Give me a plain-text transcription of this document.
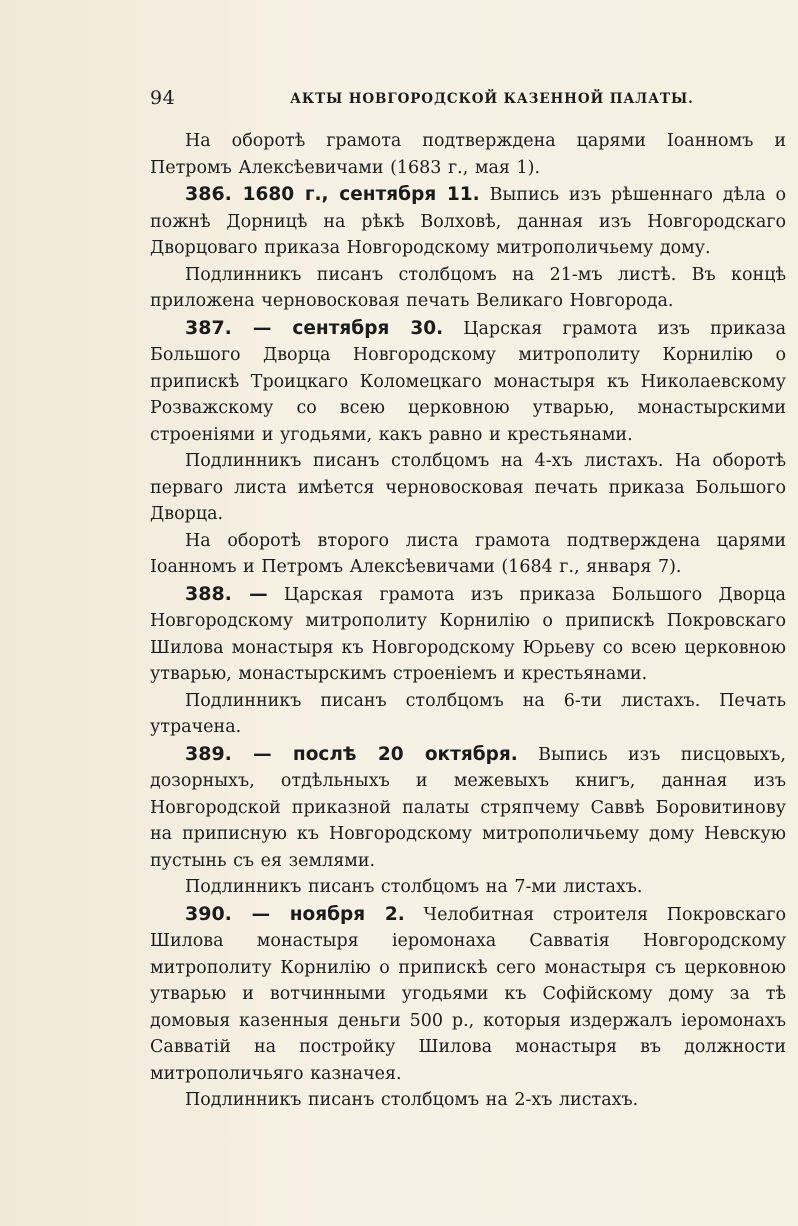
94	АКТЫ НОВГОРОДСКОЙ КАЗЕННОЙ ПАЛАТЫ.

На оборотѣ грамота подтверждена царями Іоанномъ и Петромъ Алексѣевичами (1683 г., мая 1).

386. 1680 г., сентября 11. Выпись изъ рѣшеннаго дѣла о пожнѣ Дорницѣ на рѣкѣ Волховѣ, данная изъ Новгородскаго Дворцоваго приказа Новгородскому митрополичьему дому.

Подлинникъ писанъ столбцомъ на 21-мъ листѣ. Въ концѣ приложена черновосковая печать Великаго Новгорода.

387. — сентября 30. Царская грамота изъ приказа Большого Дворца Новгородскому митрополиту Корнилію о припискѣ Троицкаго Коломецкаго монастыря къ Николаевскому Розважскому со всею церковною утварью, монастырскими строеніями и угодьями, какъ равно и крестьянами.

Подлинникъ писанъ столбцомъ на 4-хъ листахъ. На оборотѣ перваго листа имѣется черновосковая печать приказа Большого Дворца.

На оборотѣ второго листа грамота подтверждена царями Іоанномъ и Петромъ Алексѣевичами (1684 г., января 7).

388. — Царская грамота изъ приказа Большого Дворца Новгородскому митрополиту Корнилію о припискѣ Покровскаго Шилова монастыря къ Новгородскому Юрьеву со всею церковною утварью, монастырскимъ строеніемъ и крестьянами.

Подлинникъ писанъ столбцомъ на 6-ти листахъ. Печать утрачена.

389. — послѣ 20 октября. Выпись изъ писцовыхъ, дозорныхъ, отдѣльныхъ и межевыхъ книгъ, данная изъ Новгородской приказной палаты стряпчему Саввѣ Боровитинову на приписную къ Новгородскому митрополичьему дому Невскую пустынь съ ея землями.

Подлинникъ писанъ столбцомъ на 7-ми листахъ.

390. — ноября 2. Челобитная строителя Покровскаго Шилова монастыря іеромонаха Савватія Новгородскому митрополиту Корнилію о припискѣ сего монастыря съ церковною утварью и вотчинными угодьями къ Софійскому дому за тѣ домовыя казенныя деньги 500 р., которыя издержалъ іеромонахъ Савватій на постройку Шилова монастыря въ должности митрополичьяго казначея.

Подлинникъ писанъ столбцомъ на 2-хъ листахъ.
